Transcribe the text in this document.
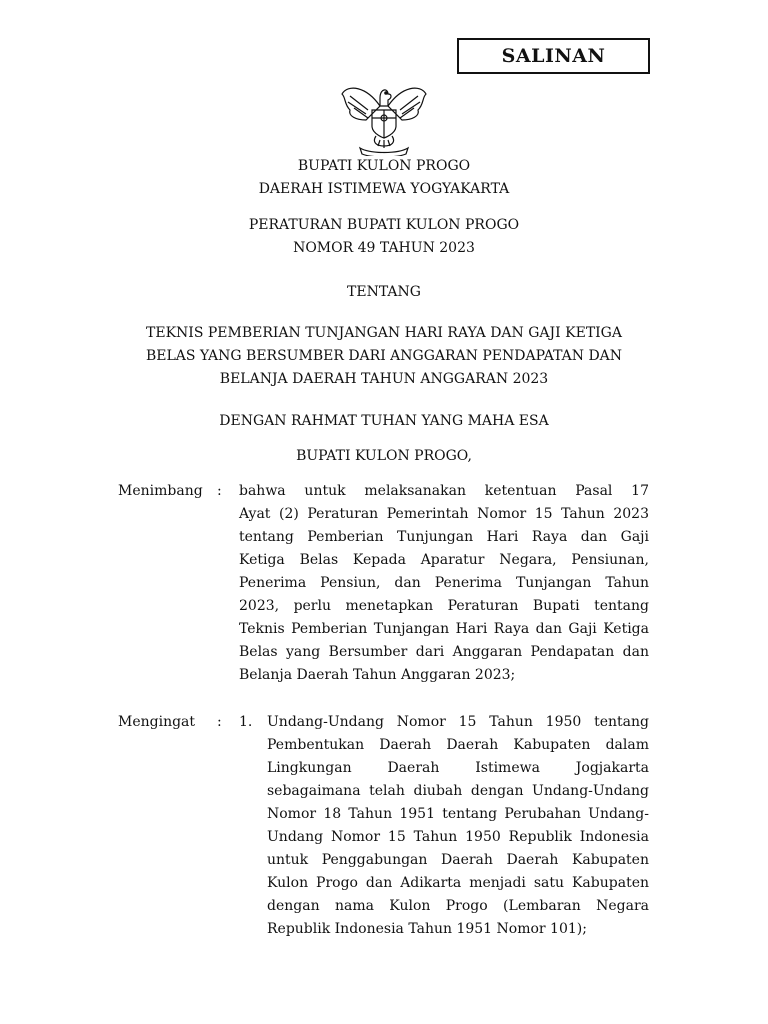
SALINAN
BUPATI KULON PROGO
DAERAH ISTIMEWA YOGYAKARTA
PERATURAN BUPATI KULON PROGO
NOMOR 49 TAHUN 2023
TENTANG
TEKNIS PEMBERIAN TUNJANGAN HARI RAYA DAN GAJI KETIGA
BELAS YANG BERSUMBER DARI ANGGARAN PENDAPATAN DAN
BELANJA DAERAH TAHUN ANGGARAN 2023
DENGAN RAHMAT TUHAN YANG MAHA ESA
BUPATI KULON PROGO,
Menimbang : bahwa untuk melaksanakan ketentuan Pasal 17
Ayat (2) Peraturan Pemerintah Nomor 15 Tahun 2023
tentang Pemberian Tunjungan Hari Raya dan Gaji
Ketiga Belas Kepada Aparatur Negara, Pensiunan,
Penerima Pensiun, dan Penerima Tunjangan Tahun
2023, perlu menetapkan Peraturan Bupati tentang
Teknis Pemberian Tunjangan Hari Raya dan Gaji Ketiga
Belas yang Bersumber dari Anggaran Pendapatan dan
Belanja Daerah Tahun Anggaran 2023;
Mengingat : 1. Undang-Undang Nomor 15 Tahun 1950 tentang
Pembentukan Daerah Daerah Kabupaten dalam
Lingkungan Daerah Istimewa Jogjakarta
sebagaimana telah diubah dengan Undang-Undang
Nomor 18 Tahun 1951 tentang Perubahan Undang-
Undang Nomor 15 Tahun 1950 Republik Indonesia
untuk Penggabungan Daerah Daerah Kabupaten
Kulon Progo dan Adikarta menjadi satu Kabupaten
dengan nama Kulon Progo (Lembaran Negara
Republik Indonesia Tahun 1951 Nomor 101);
